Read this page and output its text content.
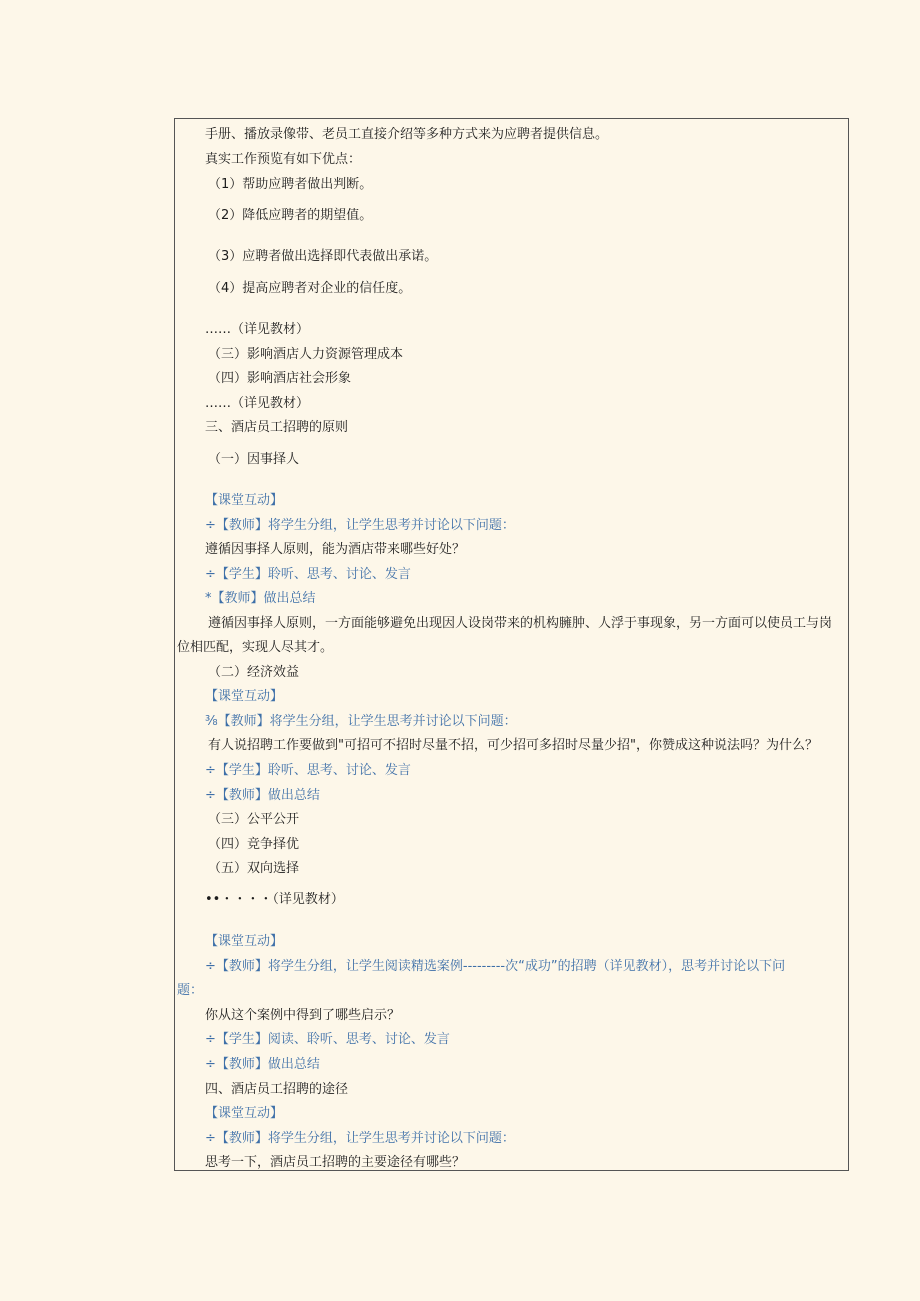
手册、播放录像带、老员工直接介绍等多种方式来为应聘者提供信息。
真实工作预览有如下优点：
（1）帮助应聘者做出判断。
（2）降低应聘者的期望值。
（3）应聘者做出选择即代表做出承诺。
（4）提高应聘者对企业的信任度。
……（详见教材）
（三）影响酒店人力资源管理成本
（四）影响酒店社会形象
……（详见教材）
三、酒店员工招聘的原则
（一）因事择人
【课堂互动】
÷【教师】将学生分组，让学生思考并讨论以下问题：
遵循因事择人原则，能为酒店带来哪些好处？
÷【学生】聆听、思考、讨论、发言
*【教师】做出总结
遵循因事择人原则，一方面能够避免出现因人设岗带来的机构臃肿、人浮于事现象，另一方面可以使员工与岗
位相匹配，实现人尽其才。
（二）经济效益
【课堂互动】
⅜【教师】将学生分组，让学生思考并讨论以下问题：
有人说招聘工作要做到"可招可不招时尽量不招，可少招可多招时尽量少招"，你赞成这种说法吗？为什么？
÷【学生】聆听、思考、讨论、发言
÷【教师】做出总结
（三）公平公开
（四）竞争择优
（五）双向选择
••・・・・（详见教材）
【课堂互动】
÷【教师】将学生分组，让学生阅读精选案例---------次“成功”的招聘（详见教材），思考并讨论以下问
题：
你从这个案例中得到了哪些启示？
÷【学生】阅读、聆听、思考、讨论、发言
÷【教师】做出总结
四、酒店员工招聘的途径
【课堂互动】
÷【教师】将学生分组，让学生思考并讨论以下问题：
思考一下，酒店员工招聘的主要途径有哪些？
